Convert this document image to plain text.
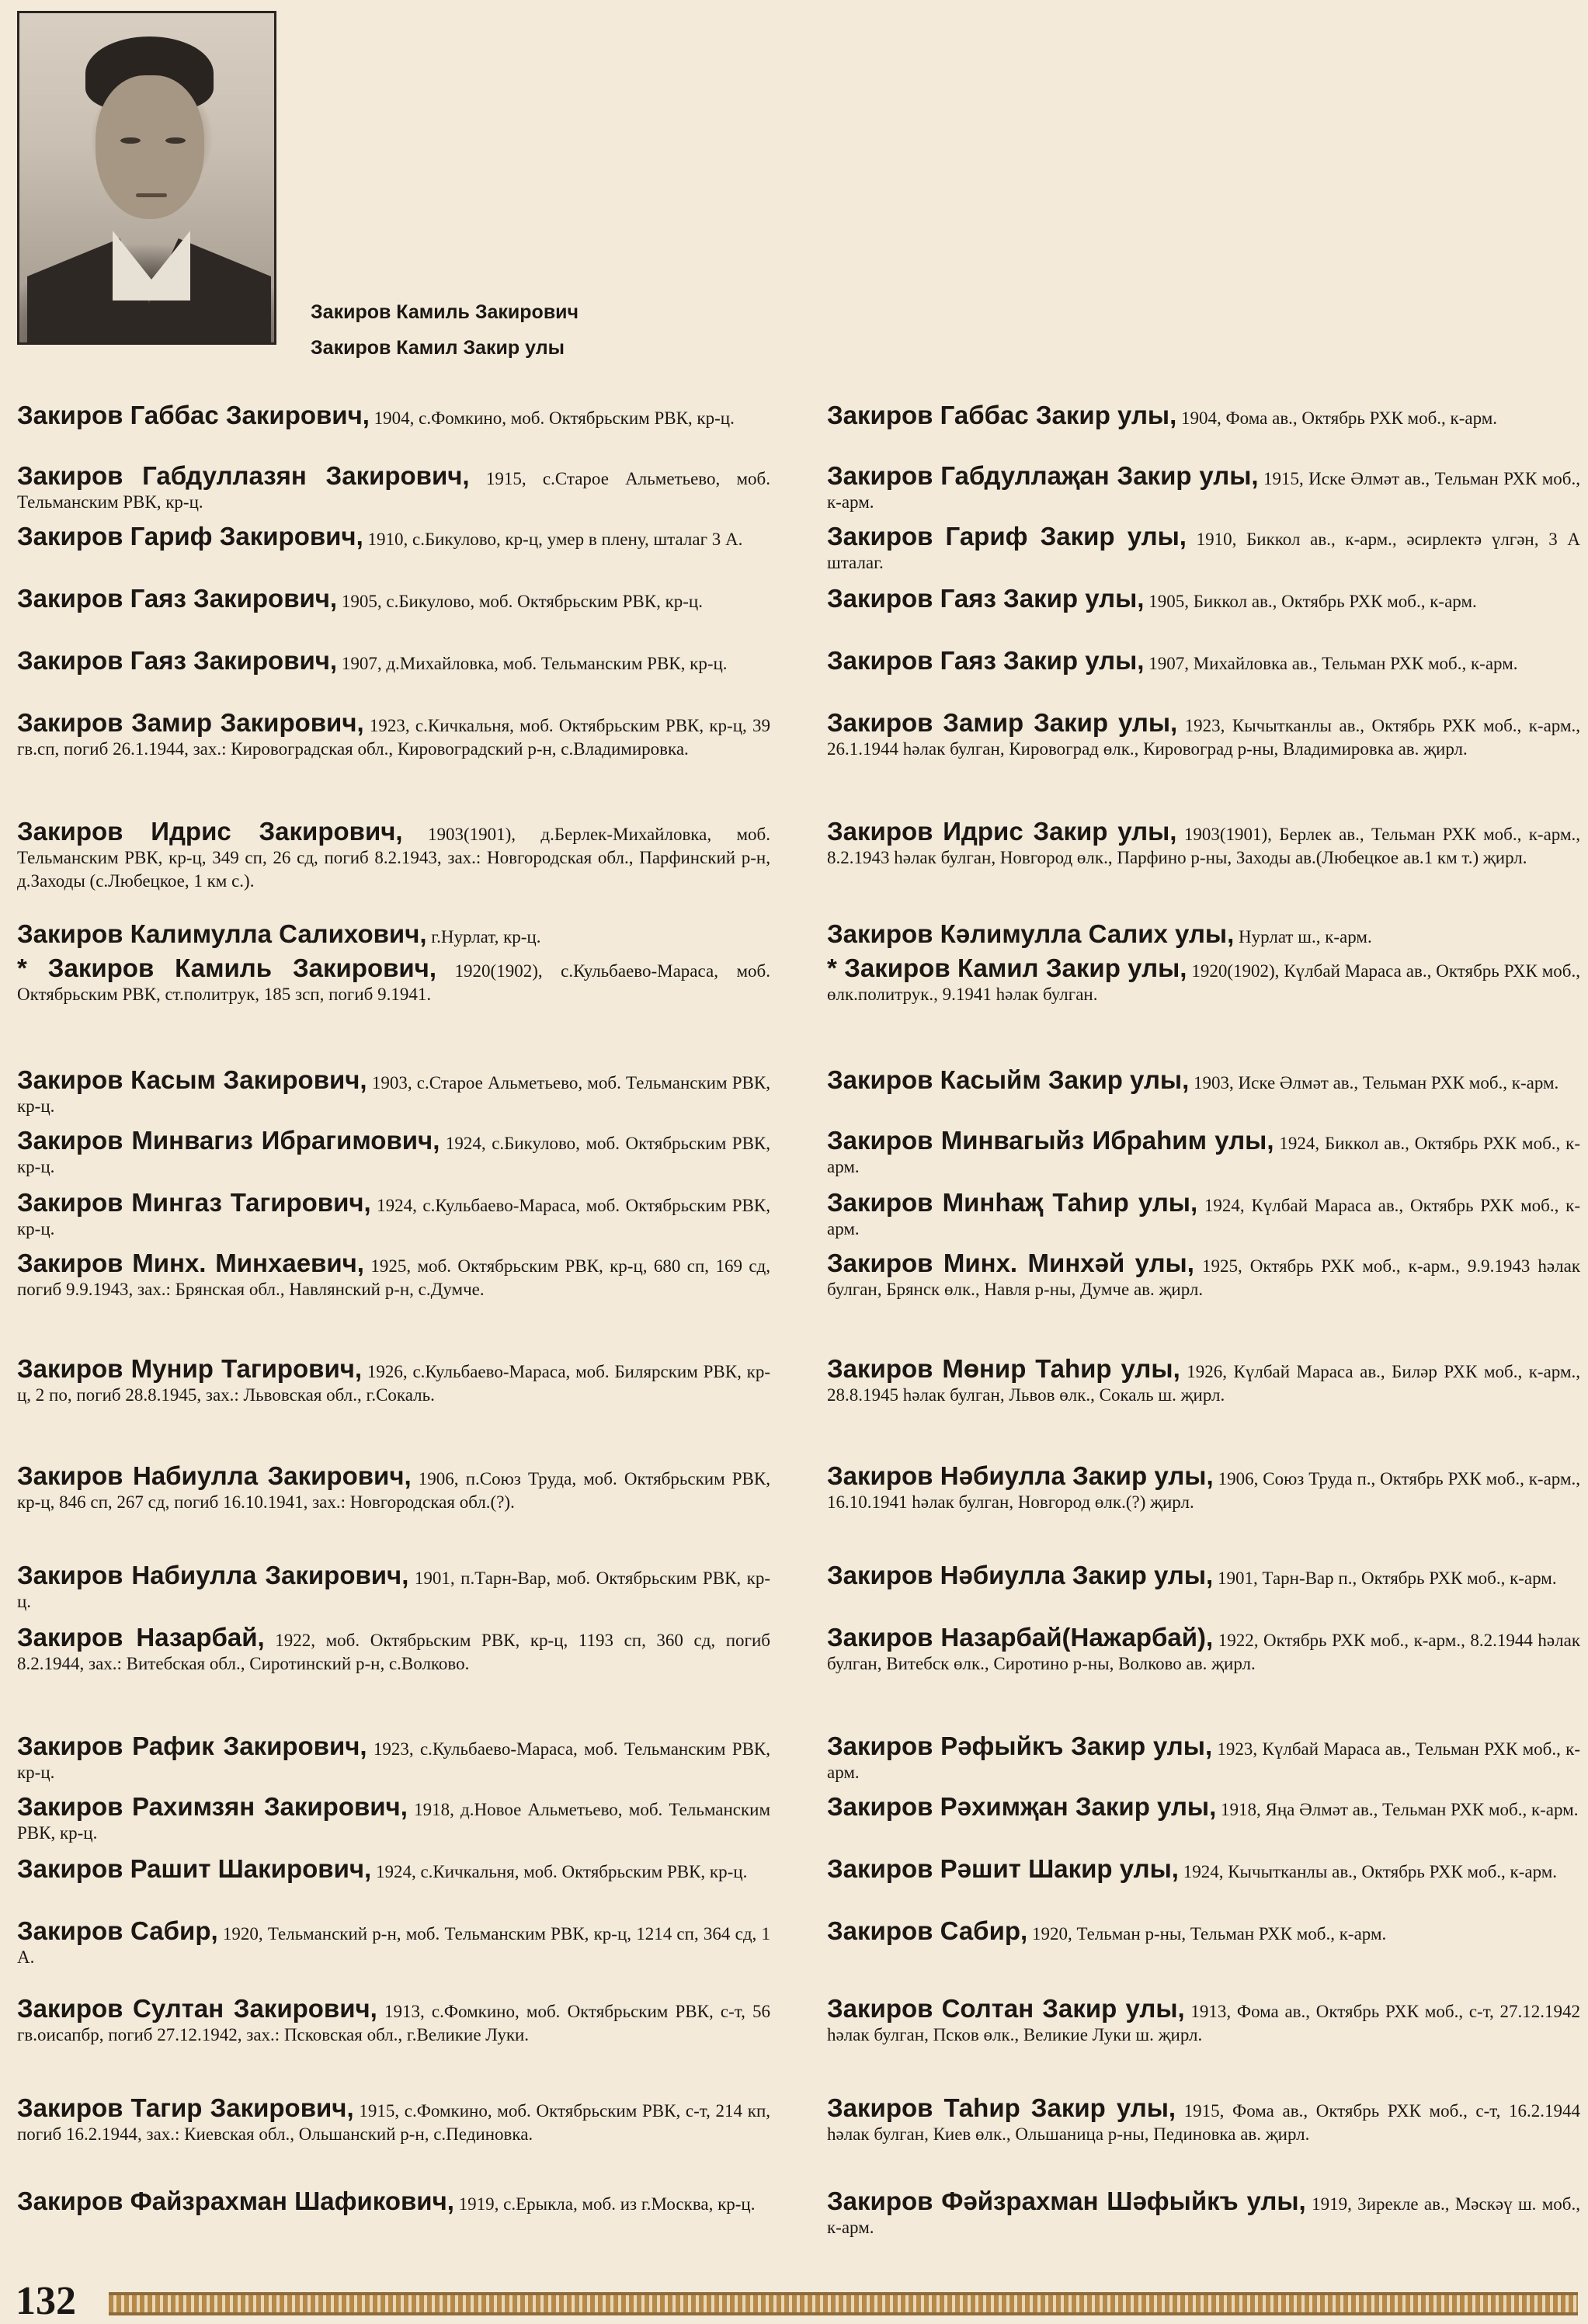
Закиров Камиль Закирович
Закиров Камил Закир улы
Закиров Габбас Закирович, 1904, с.Фомкино, моб. Октябрьским РВК, кр-ц.
Закиров Габдуллазян Закирович, 1915, с.Старое Альметьево, моб. Тельманским РВК, кр-ц.
Закиров Гариф Закирович, 1910, с.Бикулово, кр-ц, умер в плену, шталаг 3 А.
Закиров Гаяз Закирович, 1905, с.Бикулово, моб. Октябрьским РВК, кр-ц.
Закиров Гаяз Закирович, 1907, д.Михайловка, моб. Тельманским РВК, кр-ц.
Закиров Замир Закирович, 1923, с.Кичкальня, моб. Октябрьским РВК, кр-ц, 39 гв.сп, погиб 26.1.1944, зах.: Кировоградская обл., Кировоградский р-н, с.Владимировка.
Закиров Идрис Закирович, 1903(1901), д.Берлек-Михайловка, моб. Тельманским РВК, кр-ц, 349 сп, 26 сд, погиб 8.2.1943, зах.: Новгородская обл., Парфинский р-н, д.Заходы (с.Любецкое, 1 км с.).
Закиров Калимулла Салихович, г.Нурлат, кр-ц.
* Закиров Камиль Закирович, 1920(1902), с.Кульбаево-Мараса, моб. Октябрьским РВК, ст.политрук, 185 зсп, погиб 9.1941.
Закиров Касым Закирович, 1903, с.Старое Альметьево, моб. Тельманским РВК, кр-ц.
Закиров Минвагиз Ибрагимович, 1924, с.Бикулово, моб. Октябрьским РВК, кр-ц.
Закиров Мингаз Тагирович, 1924, с.Кульбаево-Мараса, моб. Октябрьским РВК, кр-ц.
Закиров Минх. Минхаевич, 1925, моб. Октябрьским РВК, кр-ц, 680 сп, 169 сд, погиб 9.9.1943, зах.: Брянская обл., Навлянский р-н, с.Думче.
Закиров Мунир Тагирович, 1926, с.Кульбаево-Мараса, моб. Билярским РВК, кр-ц, 2 по, погиб 28.8.1945, зах.: Львовская обл., г.Сокаль.
Закиров Набиулла Закирович, 1906, п.Союз Труда, моб. Октябрьским РВК, кр-ц, 846 сп, 267 сд, погиб 16.10.1941, зах.: Новгородская обл.(?).
Закиров Набиулла Закирович, 1901, п.Тарн-Вар, моб. Октябрьским РВК, кр-ц.
Закиров Назарбай, 1922, моб. Октябрьским РВК, кр-ц, 1193 сп, 360 сд, погиб 8.2.1944, зах.: Витебская обл., Сиротинский р-н, с.Волково.
Закиров Рафик Закирович, 1923, с.Кульбаево-Мараса, моб. Тельманским РВК, кр-ц.
Закиров Рахимзян Закирович, 1918, д.Новое Альметьево, моб. Тельманским РВК, кр-ц.
Закиров Рашит Шакирович, 1924, с.Кичкальня, моб. Октябрьским РВК, кр-ц.
Закиров Сабир, 1920, Тельманский р-н, моб. Тельманским РВК, кр-ц, 1214 сп, 364 сд, 1 А.
Закиров Султан Закирович, 1913, с.Фомкино, моб. Октябрьским РВК, с-т, 56 гв.оисапбр, погиб 27.12.1942, зах.: Псковская обл., г.Великие Луки.
Закиров Тагир Закирович, 1915, с.Фомкино, моб. Октябрьским РВК, с-т, 214 кп, погиб 16.2.1944, зах.: Киевская обл., Ольшанский р-н, с.Пединовка.
Закиров Файзрахман Шафикович, 1919, с.Ерыкла, моб. из г.Москва, кр-ц.
Закиров Габбас Закир улы, 1904, Фома ав., Октябрь РХК моб., к-арм.
Закиров Габдуллаҗан Закир улы, 1915, Иске Әлмәт ав., Тельман РХК моб., к-арм.
Закиров Гариф Закир улы, 1910, Биккол ав., к-арм., әсирлектә үлгән, 3 А шталаг.
Закиров Гаяз Закир улы, 1905, Биккол ав., Октябрь РХК моб., к-арм.
Закиров Гаяз Закир улы, 1907, Михайловка ав., Тельман РХК моб., к-арм.
Закиров Замир Закир улы, 1923, Кычытканлы ав., Октябрь РХК моб., к-арм., 26.1.1944 һәлак булган, Кировоград өлк., Кировоград р-ны, Владимировка ав. җирл.
Закиров Идрис Закир улы, 1903(1901), Берлек ав., Тельман РХК моб., к-арм., 8.2.1943 һәлак булган, Новгород өлк., Парфино р-ны, Заходы ав.(Любецкое ав.1 км т.) җирл.
Закиров Кәлимулла Салих улы, Нурлат ш., к-арм.
* Закиров Камил Закир улы, 1920(1902), Күлбай Мараса ав., Октябрь РХК моб., өлк.политрук., 9.1941 һәлак булган.
Закиров Касыйм Закир улы, 1903, Иске Әлмәт ав., Тельман РХК моб., к-арм.
Закиров Минвагыйз Ибраһим улы, 1924, Биккол ав., Октябрь РХК моб., к-арм.
Закиров Минһаҗ Таһир улы, 1924, Күлбай Мараса ав., Октябрь РХК моб., к-арм.
Закиров Минх. Минхәй улы, 1925, Октябрь РХК моб., к-арм., 9.9.1943 һәлак булган, Брянск өлк., Навля р-ны, Думче ав. җирл.
Закиров Мөнир Таһир улы, 1926, Күлбай Мараса ав., Биләр РХК моб., к-арм., 28.8.1945 һәлак булган, Львов өлк., Сокаль ш. җирл.
Закиров Нәбиулла Закир улы, 1906, Союз Труда п., Октябрь РХК моб., к-арм., 16.10.1941 һәлак булган, Новгород өлк.(?) җирл.
Закиров Нәбиулла Закир улы, 1901, Тарн-Вар п., Октябрь РХК моб., к-арм.
Закиров Назарбай(Нажарбай), 1922, Октябрь РХК моб., к-арм., 8.2.1944 һәлак булган, Витебск өлк., Сиротино р-ны, Волково ав. җирл.
Закиров Рәфыйкъ Закир улы, 1923, Күлбай Мараса ав., Тельман РХК моб., к-арм.
Закиров Рәхимҗан Закир улы, 1918, Яңа Әлмәт ав., Тельман РХК моб., к-арм.
Закиров Рәшит Шакир улы, 1924, Кычытканлы ав., Октябрь РХК моб., к-арм.
Закиров Сабир, 1920, Тельман р-ны, Тельман РХК моб., к-арм.
Закиров Солтан Закир улы, 1913, Фома ав., Октябрь РХК моб., с-т, 27.12.1942 һәлак булган, Псков өлк., Великие Луки ш. җирл.
Закиров Таһир Закир улы, 1915, Фома ав., Октябрь РХК моб., с-т, 16.2.1944 һәлак булган, Киев өлк., Ольшаница р-ны, Пединовка ав. җирл.
Закиров Фәйзрахман Шәфыйкъ улы, 1919, Зирекле ав., Мәскәү ш. моб., к-арм.
132
